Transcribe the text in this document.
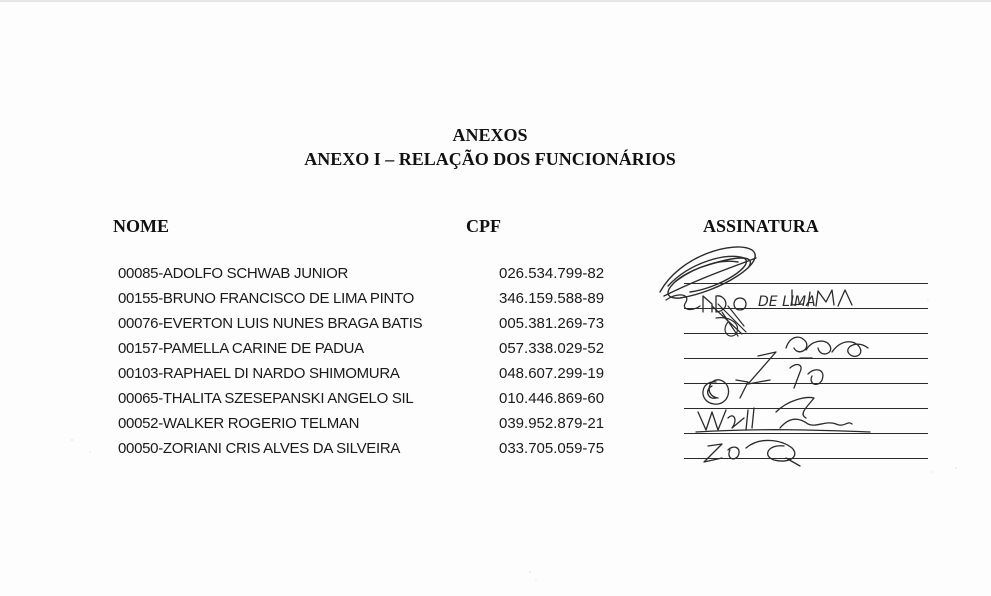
ANEXOS
ANEXO I – RELAÇÃO DOS FUNCIONÁRIOS
NOME	CPF	ASSINATURA
00085-ADOLFO SCHWAB JUNIOR	026.534.799-82
00155-BRUNO FRANCISCO DE LIMA PINTO	346.159.588-89
00076-EVERTON LUIS NUNES BRAGA BATIS	005.381.269-73
00157-PAMELLA CARINE DE PADUA	057.338.029-52
00103-RAPHAEL DI NARDO SHIMOMURA	048.607.299-19
00065-THALITA SZESEPANSKI ANGELO SIL	010.446.869-60
00052-WALKER ROGERIO TELMAN	039.952.879-21
00050-ZORIANI CRIS ALVES DA SILVEIRA	033.705.059-75
DE LIMA
